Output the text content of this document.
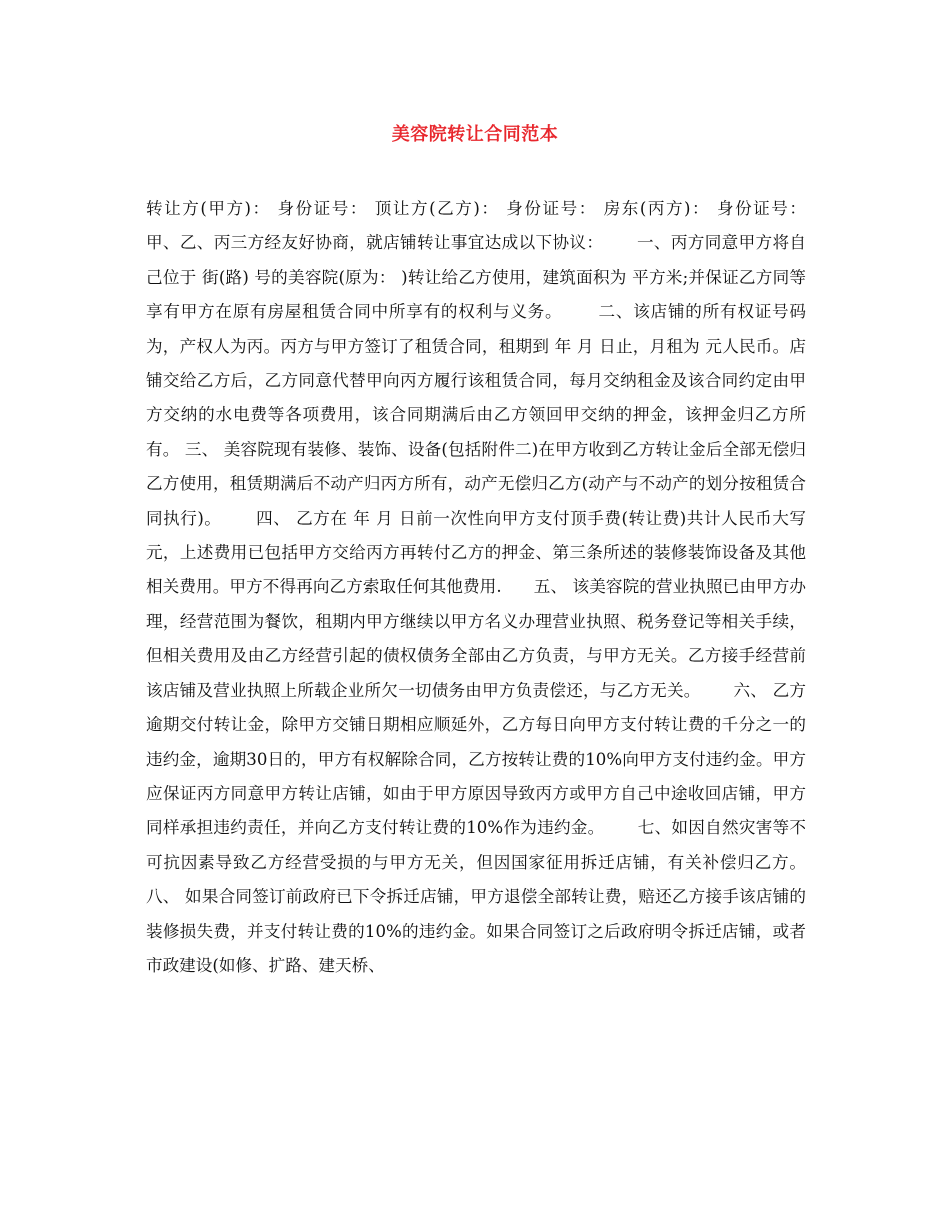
美容院转让合同范本

转让方(甲方)： 身份证号： 顶让方(乙方)： 身份证号： 房东(丙方)： 身份证号：      甲、乙、丙三方经友好协商，就店铺转让事宜达成以下协议：      一、丙方同意甲方将自己位于 街(路) 号的美容院(原为： )转让给乙方使用，建筑面积为 平方米;并保证乙方同等享有甲方在原有房屋租赁合同中所享有的权利与义务。      二、该店铺的所有权证号码为，产权人为丙。丙方与甲方签订了租赁合同，租期到 年 月 日止，月租为 元人民币。店铺交给乙方后，乙方同意代替甲向丙方履行该租赁合同，每月交纳租金及该合同约定由甲方交纳的水电费等各项费用，该合同期满后由乙方领回甲交纳的押金，该押金归乙方所有。 三、 美容院现有装修、装饰、设备(包括附件二)在甲方收到乙方转让金后全部无偿归乙方使用，租赁期满后不动产归丙方所有，动产无偿归乙方(动产与不动产的划分按租赁合同执行)。      四、 乙方在 年 月 日前一次性向甲方支付顶手费(转让费)共计人民币大写 元，上述费用已包括甲方交给丙方再转付乙方的押金、第三条所述的装修装饰设备及其他相关费用。甲方不得再向乙方索取任何其他费用.      五、 该美容院的营业执照已由甲方办理，经营范围为餐饮，租期内甲方继续以甲方名义办理营业执照、税务登记等相关手续，但相关费用及由乙方经营引起的债权债务全部由乙方负责，与甲方无关。乙方接手经营前该店铺及营业执照上所载企业所欠一切债务由甲方负责偿还，与乙方无关。      六、 乙方逾期交付转让金，除甲方交铺日期相应顺延外，乙方每日向甲方支付转让费的千分之一的违约金，逾期30日的，甲方有权解除合同，乙方按转让费的10%向甲方支付违约金。甲方应保证丙方同意甲方转让店铺，如由于甲方原因导致丙方或甲方自己中途收回店铺，甲方同样承担违约责任，并向乙方支付转让费的10%作为违约金。      七、如因自然灾害等不可抗因素导致乙方经营受损的与甲方无关，但因国家征用拆迁店铺，有关补偿归乙方。      八、 如果合同签订前政府已下令拆迁店铺，甲方退偿全部转让费，赔还乙方接手该店铺的装修损失费，并支付转让费的10%的违约金。如果合同签订之后政府明令拆迁店铺，或者市政建设(如修、扩路、建天桥、
